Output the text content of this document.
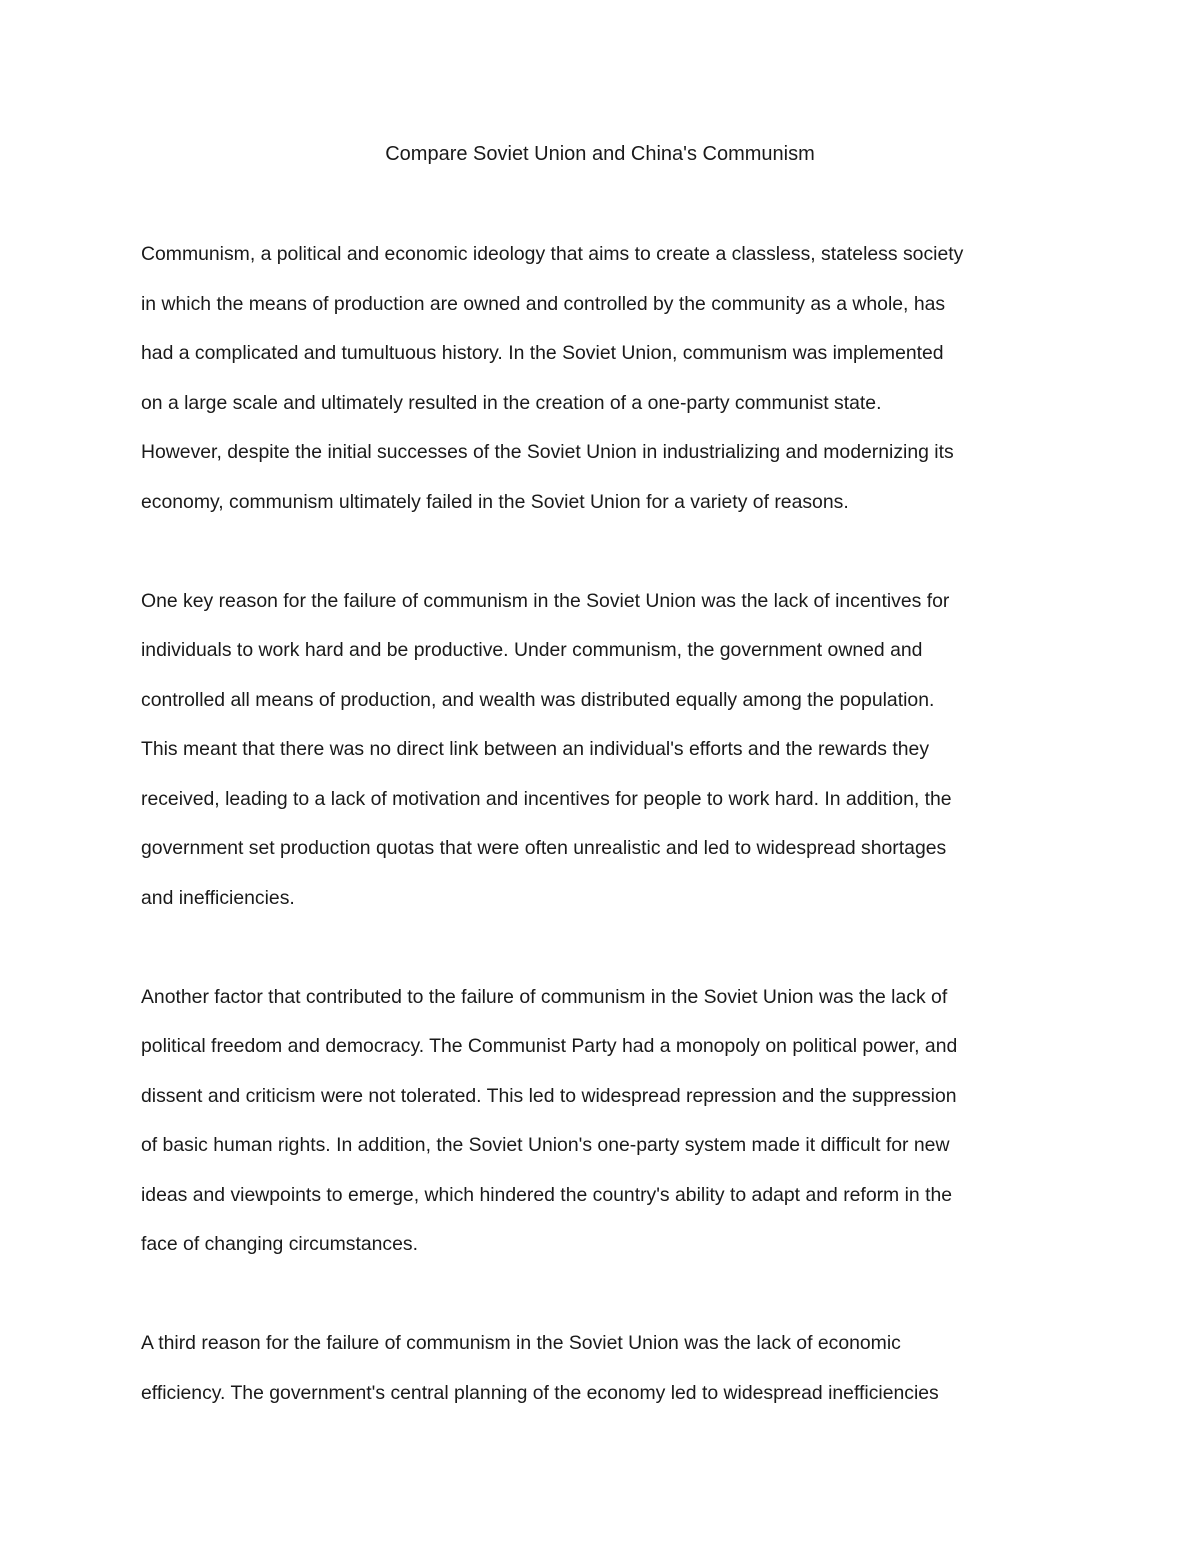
Compare Soviet Union and China's Communism
Communism, a political and economic ideology that aims to create a classless, stateless society
in which the means of production are owned and controlled by the community as a whole, has
had a complicated and tumultuous history. In the Soviet Union, communism was implemented
on a large scale and ultimately resulted in the creation of a one-party communist state.
However, despite the initial successes of the Soviet Union in industrializing and modernizing its
economy, communism ultimately failed in the Soviet Union for a variety of reasons.
One key reason for the failure of communism in the Soviet Union was the lack of incentives for
individuals to work hard and be productive. Under communism, the government owned and
controlled all means of production, and wealth was distributed equally among the population.
This meant that there was no direct link between an individual's efforts and the rewards they
received, leading to a lack of motivation and incentives for people to work hard. In addition, the
government set production quotas that were often unrealistic and led to widespread shortages
and inefficiencies.
Another factor that contributed to the failure of communism in the Soviet Union was the lack of
political freedom and democracy. The Communist Party had a monopoly on political power, and
dissent and criticism were not tolerated. This led to widespread repression and the suppression
of basic human rights. In addition, the Soviet Union's one-party system made it difficult for new
ideas and viewpoints to emerge, which hindered the country's ability to adapt and reform in the
face of changing circumstances.
A third reason for the failure of communism in the Soviet Union was the lack of economic
efficiency. The government's central planning of the economy led to widespread inefficiencies
